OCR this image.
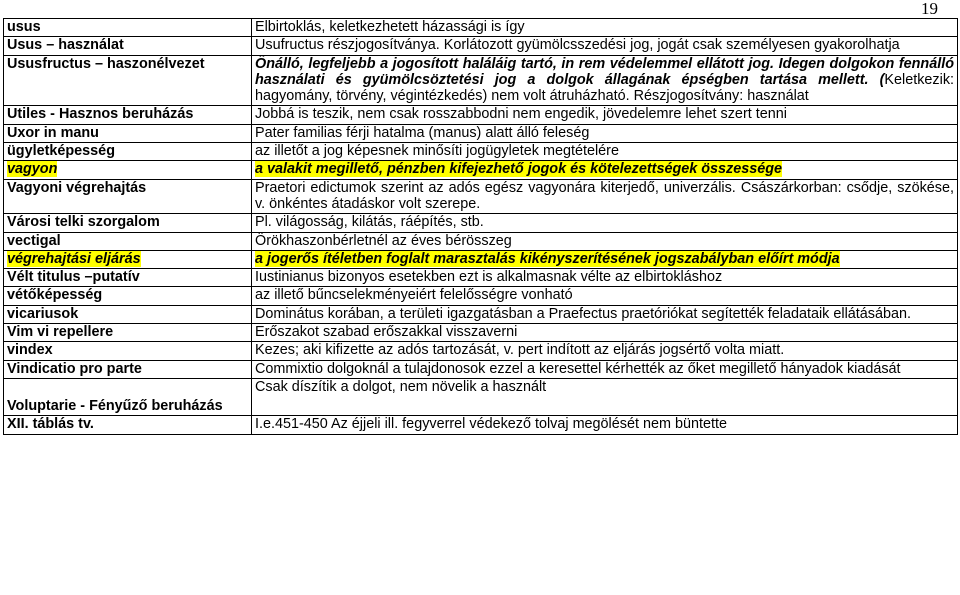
19
usus	Elbirtoklás, keletkezhetett házassági is így
Usus – használat	Usufructus részjogosítványa. Korlátozott gyümölcsszedési jog, jogát csak személyesen gyakorolhatja
Ususfructus – haszonélvezet	Önálló, legfeljebb a jogosított haláláig tartó, in rem védelemmel ellátott jog. Idegen dolgokon fennálló használati és gyümölcsöztetési jog a dolgok állagának épségben tartása mellett. (Keletkezik: hagyomány, törvény, végintézkedés) nem volt átruházható. Részjogosítvány: használat
Utiles - Hasznos beruházás	Jobbá is teszik, nem csak rosszabbodni nem engedik, jövedelemre lehet szert tenni
Uxor in manu	Pater familias férji hatalma (manus) alatt álló feleség
ügyletképesség	az illetőt a jog képesnek minősíti jogügyletek megtételére
vagyon	a valakit megillető, pénzben kifejezhető jogok és kötelezettségek összessége
Vagyoni végrehajtás	Praetori edictumok szerint az adós egész vagyonára kiterjedő, univerzális. Császárkorban: csődje, szökése, v. önkéntes átadáskor volt szerepe.
Városi telki szorgalom	Pl. világosság, kilátás, ráépítés, stb.
vectigal	Örökhaszonbérletnél az éves bérösszeg
végrehajtási eljárás	a jogerős ítéletben foglalt marasztalás kikényszerítésének jogszabályban előírt módja
Vélt titulus –putatív	Iustinianus bizonyos esetekben ezt is alkalmasnak vélte az elbirtokláshoz
vétőképesség	az illető bűncselekményeiért felelősségre vonható
vicariusok	Dominátus korában, a területi igazgatásban a Praefectus praetóriókat segítették feladataik ellátásában.
Vim vi repellere	Erőszakot szabad erőszakkal visszaverni
vindex	Kezes; aki kifizette az adós tartozását, v. pert indított az eljárás jogsértő volta miatt.
Vindicatio pro parte	Commixtio dolgoknál a tulajdonosok ezzel a keresettel kérhették az őket megillető hányadok kiadását
Voluptarie - Fényűző beruházás	Csak díszítik a dolgot, nem növelik a használt
XII. táblás tv.	I.e.451-450 Az éjjeli ill. fegyverrel védekező tolvaj megölését nem büntette
